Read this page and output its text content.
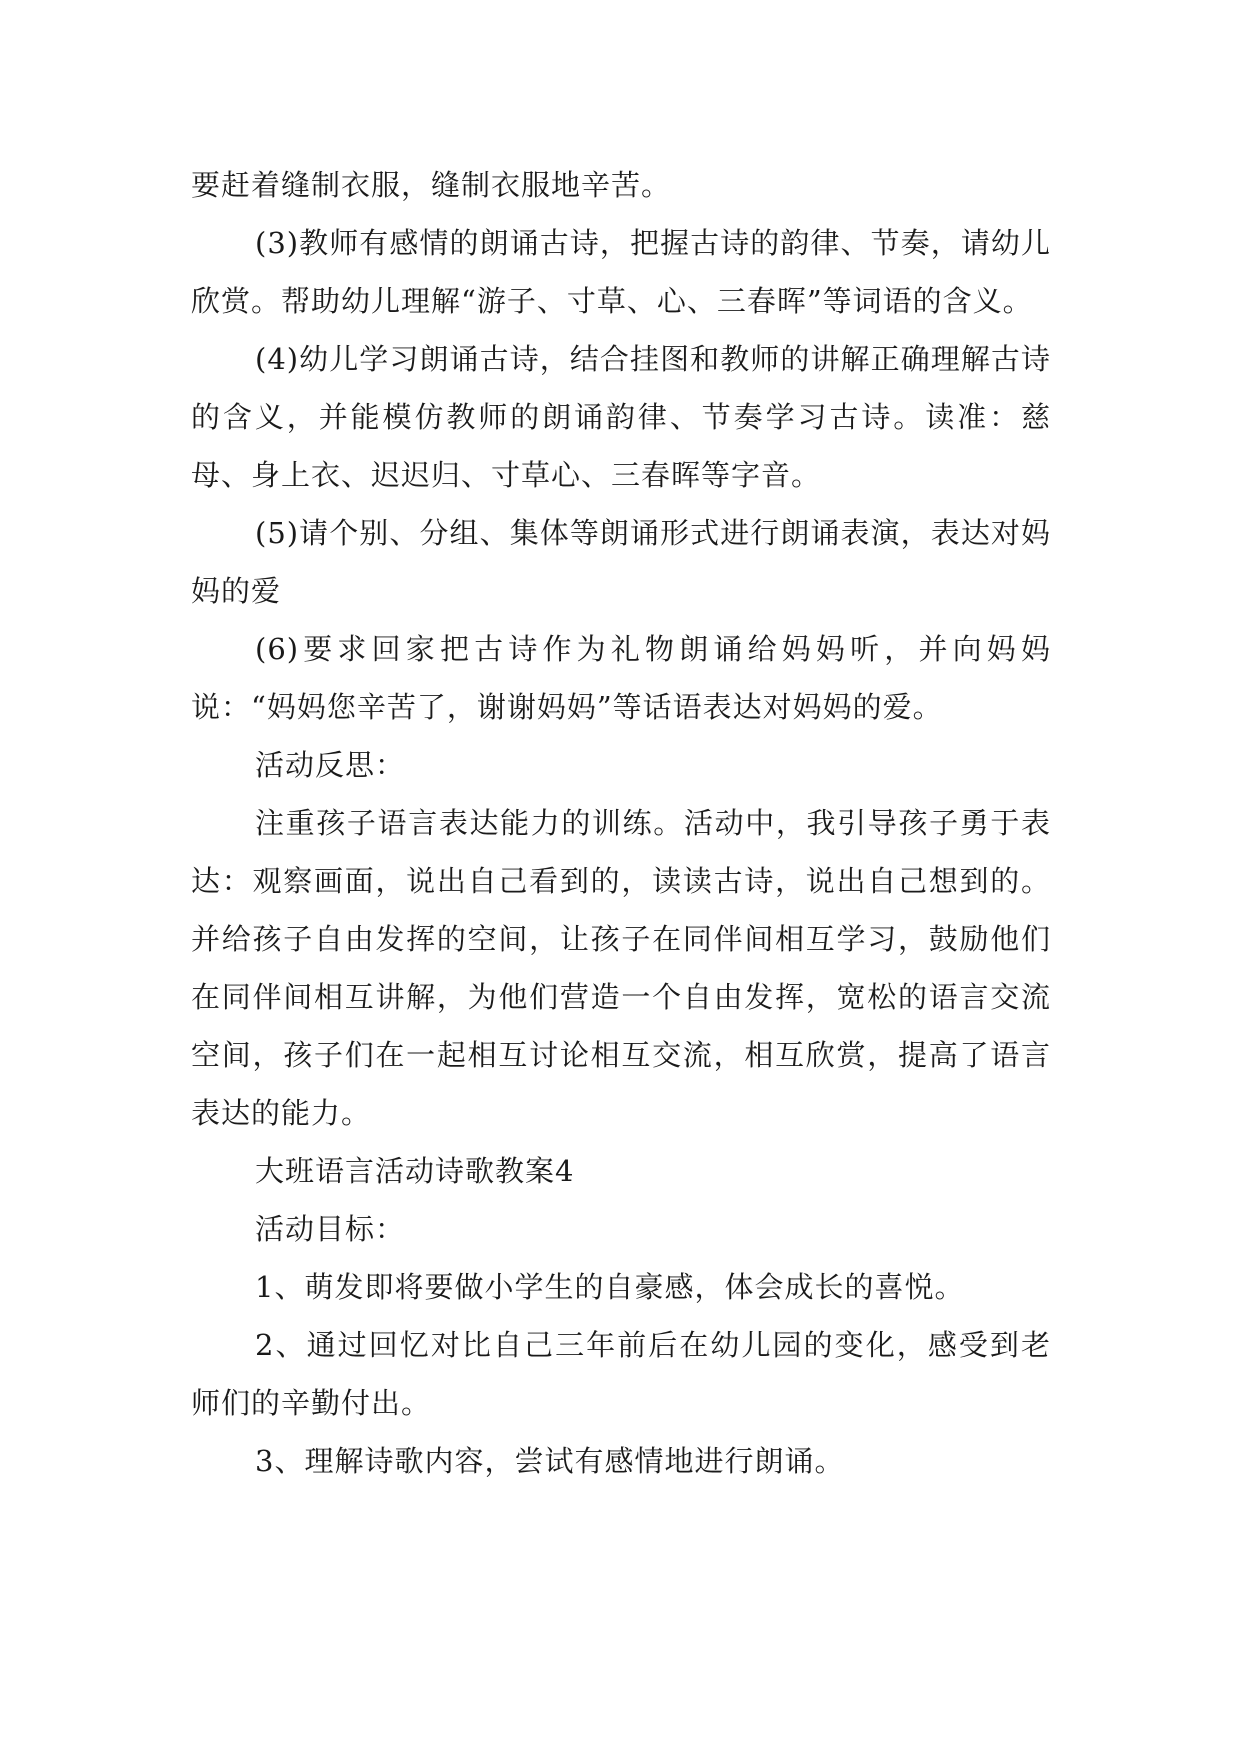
要赶着缝制衣服，缝制衣服地辛苦。

(3)教师有感情的朗诵古诗，把握古诗的韵律、节奏，请幼儿欣赏。帮助幼儿理解“游子、寸草、心、三春晖”等词语的含义。

(4)幼儿学习朗诵古诗，结合挂图和教师的讲解正确理解古诗的含义，并能模仿教师的朗诵韵律、节奏学习古诗。读准：慈母、身上衣、迟迟归、寸草心、三春晖等字音。

(5)请个别、分组、集体等朗诵形式进行朗诵表演，表达对妈妈的爱

(6)要求回家把古诗作为礼物朗诵给妈妈听，并向妈妈说：“妈妈您辛苦了，谢谢妈妈”等话语表达对妈妈的爱。

活动反思：

注重孩子语言表达能力的训练。活动中，我引导孩子勇于表达：观察画面，说出自己看到的，读读古诗，说出自己想到的。并给孩子自由发挥的空间，让孩子在同伴间相互学习，鼓励他们在同伴间相互讲解，为他们营造一个自由发挥，宽松的语言交流空间，孩子们在一起相互讨论相互交流，相互欣赏，提高了语言表达的能力。

大班语言活动诗歌教案4

活动目标：

1、萌发即将要做小学生的自豪感，体会成长的喜悦。

2、通过回忆对比自己三年前后在幼儿园的变化，感受到老师们的辛勤付出。

3、理解诗歌内容，尝试有感情地进行朗诵。
